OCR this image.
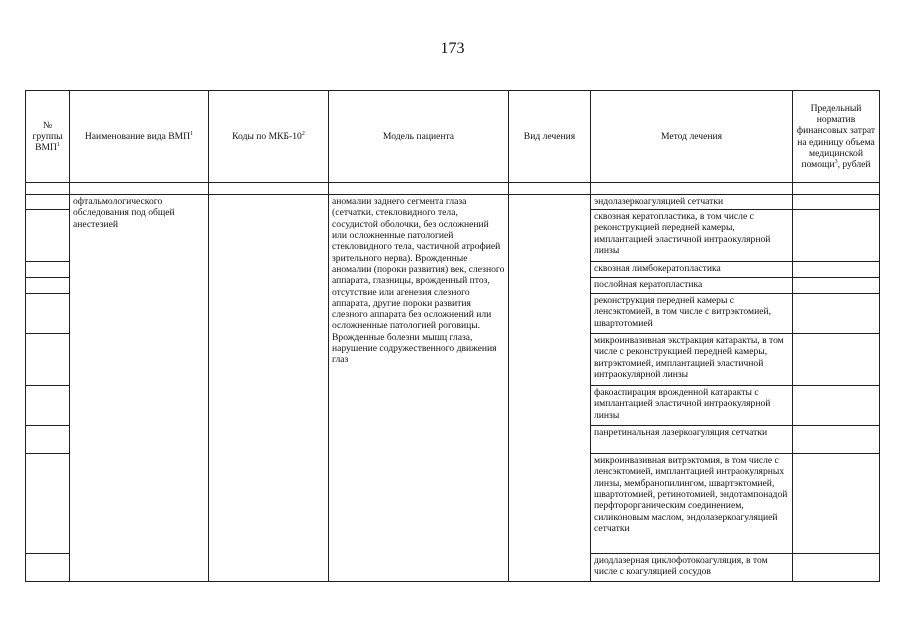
173
№ группы ВМП$^1$	Наименование вида ВМП$^1$	Коды по МКБ-$10^2$	Модель пациента	Вид лечения	Метод лечения	Предельный норматив финансовых затрат на единицу объема медицинской помощи$^3$, рублей

	офтальмологического обследования под общей анестезией		аномалии заднего сегмента глаза (сетчатки, стекловидного тела, сосудистой оболочки, без осложнений или осложненные патологией стекловидного тела, частичной атрофией зрительного нерва). Врожденные аномалии (пороки развития) век, слезного аппарата, глазницы, врожденный птоз, отсутствие или агенезия слезного аппарата, другие пороки развития слезного аппарата без осложнений или осложненные патологией роговицы. Врожденные болезни мышц глаза, нарушение содружественного движения глаз		эндолазеркоагуляцией сетчатки	
					сквозная кератопластика, в том числе с реконструкцией передней камеры, имплантацией эластичной интраокулярной линзы	
					сквозная лимбокератопластика	
					послойная кератопластика	
					реконструкция передней камеры с ленсэктомией, в том числе с витрэктомией, швартотомией	
					микроинвазивная экстракция катаракты, в том числе с реконструкцией передней камеры, витрэктомией, имплантацией эластичной интраокулярной линзы	
					факоаспирация врожденной катаракты с имплантацией эластичной интраокулярной линзы	
					панретинальная лазеркоагуляция сетчатки	
					микроинвазивная витрэктомия, в том числе с ленсэктомией, имплантацией интраокулярных линзы, мембранопилингом, швартэктомией, швартотомией, ретинотомией, эндотампонадой перфторорганическим соединением, силиконовым маслом, эндолазеркоагуляцией сетчатки	
					диодлазерная циклофотокоагуляция, в том числе с коагуляцией сосудов	
